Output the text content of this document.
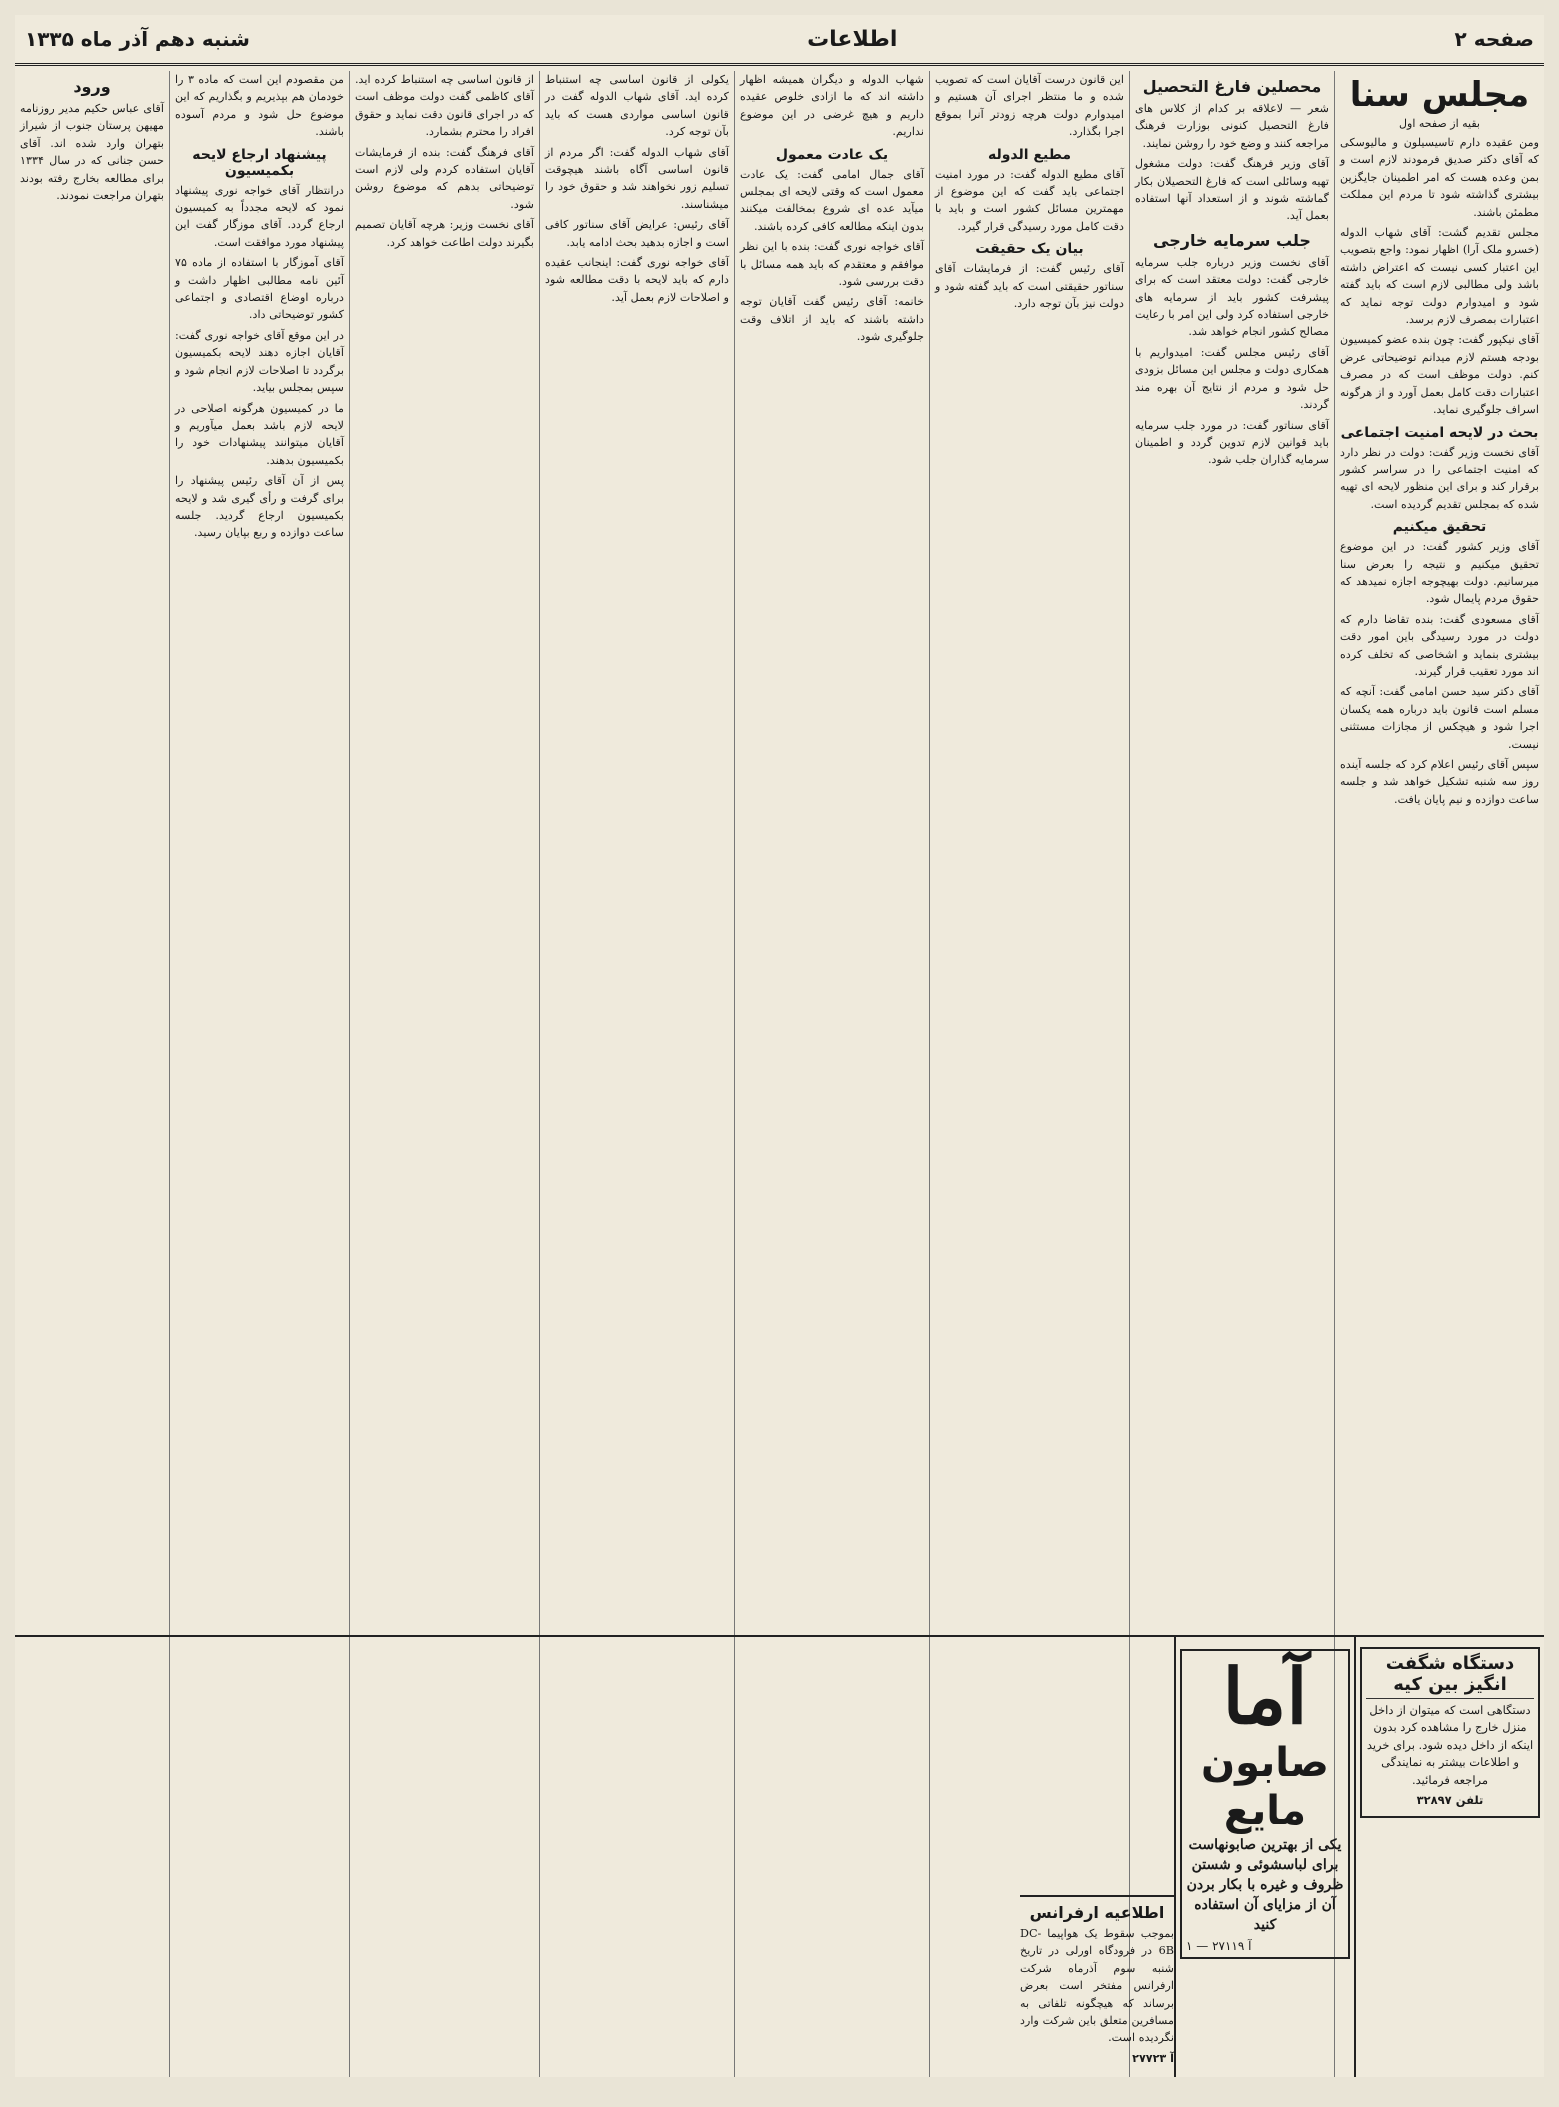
صفحه ۲
اطلاعات
شنبه دهم آذر ماه ۱۳۳۵
مجلس سنا
بقیه از صفحه اول

ومن عقیده دارم تاسیسیلون و مالیوسکی که آقای دکتر صدیق فرمودند لازم است و بمن وعده هست که امر اطمینان جایگزین بیشتری گذاشته شود تا مردم این مملکت مطمئن باشند.

مجلس تقدیم گشت: آقای شهاب الدوله (خسرو ملک آرا) اظهار نمود: واجع بتصویب این اعتبار کسی نیست که اعتراض داشته باشد ولی مطالبی لازم است که باید گفته شود و امیدوارم دولت توجه نماید که اعتبارات بمصرف لازم برسد.

آقای نیکپور گفت: چون بنده عضو کمیسیون بودجه هستم لازم میدانم توضیحاتی عرض کنم. دولت موظف است که در مصرف اعتبارات دقت کامل بعمل آورد و از هرگونه اسراف جلوگیری نماید.

بحث در لایحه امنیت اجتماعی

آقای نخست وزیر گفت: دولت در نظر دارد که امنیت اجتماعی را در سراسر کشور برقرار کند و برای این منظور لایحه ای تهیه شده که بمجلس تقدیم گردیده است.

تحقیق میکنیم

آقای وزیر کشور گفت: در این موضوع تحقیق میکنیم و نتیجه را بعرض سنا میرسانیم. دولت بهیچوجه اجازه نمیدهد که حقوق مردم پایمال شود.

آقای مسعودی گفت: بنده تقاضا دارم که دولت در مورد رسیدگی باین امور دقت بیشتری بنماید و اشخاصی که تخلف کرده اند مورد تعقیب قرار گیرند.

آقای دکتر سید حسن امامی گفت: آنچه که مسلم است قانون باید درباره همه یکسان اجرا شود و هیچکس از مجازات مستثنی نیست.

سپس آقای رئیس اعلام کرد که جلسه آینده روز سه شنبه تشکیل خواهد شد و جلسه ساعت دوازده و نیم پایان یافت.

محصلین فارغ التحصیل

شعر — لاعلاقه بر کدام از کلاس های فارغ التحصیل کنونی بوزارت فرهنگ مراجعه کنند و وضع خود را روشن نمایند.

آقای وزیر فرهنگ گفت: دولت مشغول تهیه وسائلی است که فارغ التحصیلان بکار گماشته شوند و از استعداد آنها استفاده بعمل آید.

جلب سرمایه خارجی

آقای نخست وزیر درباره جلب سرمایه خارجی گفت: دولت معتقد است که برای پیشرفت کشور باید از سرمایه های خارجی استفاده کرد ولی این امر با رعایت مصالح کشور انجام خواهد شد.

آقای رئیس مجلس گفت: امیدواریم با همکاری دولت و مجلس این مسائل بزودی حل شود و مردم از نتایج آن بهره مند گردند.

آقای سناتور گفت: در مورد جلب سرمایه باید قوانین لازم تدوین گردد و اطمینان سرمایه گذاران جلب شود.

این قانون درست آقایان است که تصویب شده و ما منتظر اجرای آن هستیم و امیدوارم دولت هرچه زودتر آنرا بموقع اجرا بگذارد.

مطیع الدوله

آقای مطیع الدوله گفت: در مورد امنیت اجتماعی باید گفت که این موضوع از مهمترین مسائل کشور است و باید با دقت کامل مورد رسیدگی قرار گیرد.

بیان یک حقیقت

آقای رئیس گفت: از فرمایشات آقای سناتور حقیقتی است که باید گفته شود و دولت نیز بآن توجه دارد.

شهاب الدوله و دیگران همیشه اظهار داشته اند که ما ازادی خلوص عقیده داریم و هیچ غرضی در این موضوع نداریم.

یک عادت معمول

آقای جمال امامی گفت: یک عادت معمول است که وقتی لایحه ای بمجلس میآید عده ای شروع بمخالفت میکنند بدون اینکه مطالعه کافی کرده باشند.

آقای خواجه نوری گفت: بنده با این نظر موافقم و معتقدم که باید همه مسائل با دقت بررسی شود.

خانمه: آقای رئیس گفت آقایان توجه داشته باشند که باید از اتلاف وقت جلوگیری شود.

یکولی از قانون اساسی چه استنباط کرده اید. آقای شهاب الدوله گفت در قانون اساسی مواردی هست که باید بآن توجه کرد.

آقای شهاب الدوله گفت: اگر مردم از قانون اساسی آگاه باشند هیچوقت تسلیم زور نخواهند شد و حقوق خود را میشناسند.

آقای رئیس: عرایض آقای سناتور کافی است و اجازه بدهید بحث ادامه یابد.

آقای خواجه نوری گفت: اینجانب عقیده دارم که باید لایحه با دقت مطالعه شود و اصلاحات لازم بعمل آید.

از قانون اساسی چه استنباط کرده اید. آقای کاظمی گفت دولت موظف است که در اجرای قانون دقت نماید و حقوق افراد را محترم بشمارد.

آقای فرهنگ گفت: بنده از فرمایشات آقایان استفاده کردم ولی لازم است توضیحاتی بدهم که موضوع روشن شود.

آقای نخست وزیر: هرچه آقایان تصمیم بگیرند دولت اطاعت خواهد کرد.

من مقصودم این است که ماده ۳ را خودمان هم بپذیریم و بگذاریم که این موضوع حل شود و مردم آسوده باشند.

پیشنهاد ارجاع لایحه بکمیسیون

درانتظار آقای خواجه نوری پیشنهاد نمود که لایحه مجدداً به کمیسیون ارجاع گردد. آقای موزگار گفت این پیشنهاد مورد موافقت است.

آقای آموزگار با استفاده از ماده ۷۵ آئین نامه مطالبی اظهار داشت و درباره اوضاع اقتصادی و اجتماعی کشور توضیحاتی داد.

در این موقع آقای خواجه نوری گفت: آقایان اجازه دهند لایحه بکمیسیون برگردد تا اصلاحات لازم انجام شود و سپس بمجلس بیاید.

ما در کمیسیون هرگونه اصلاحی در لایحه لازم باشد بعمل میآوریم و آقایان میتوانند پیشنهادات خود را بکمیسیون بدهند.

پس از آن آقای رئیس پیشنهاد را برای گرفت و رأی گیری شد و لایحه بکمیسیون ارجاع گردید. جلسه ساعت دوازده و ربع بپایان رسید.

ورود

آقای عباس حکیم مدیر روزنامه مهیهن پرستان جنوب از شیراز بتهران وارد شده اند. آقای حسن جنانی که در سال ۱۳۳۴ برای مطالعه بخارج رفته بودند بتهران مراجعت نمودند.

دستگاه شگفت انگیز بین کیه

دستگاهی است که میتوان از داخل منزل خارج را مشاهده کرد بدون اینکه از داخل دیده شود. برای خرید و اطلاعات بیشتر به نمایندگی مراجعه فرمائید.

تلفن ۳۲۸۹۷

آما
صابون مایع
یکی از بهترین صابونهاست برای لباسشوئی و شستن ظروف و غیره با بکار بردن آن از مزایای آن استفاده کنید
آ ۲۷۱۱۹ — ۱
اطلاعیه ارفرانس

بموجب سقوط یک هواپیما DC-6B در فرودگاه اورلی در تاریخ شنبه سوم آذرماه شرکت ارفرانس مفتخر است بعرض برساند که هیچگونه تلفاتی به مسافرین متعلق باین شرکت وارد نگردیده است.

آ ۲۷۷۲۳
